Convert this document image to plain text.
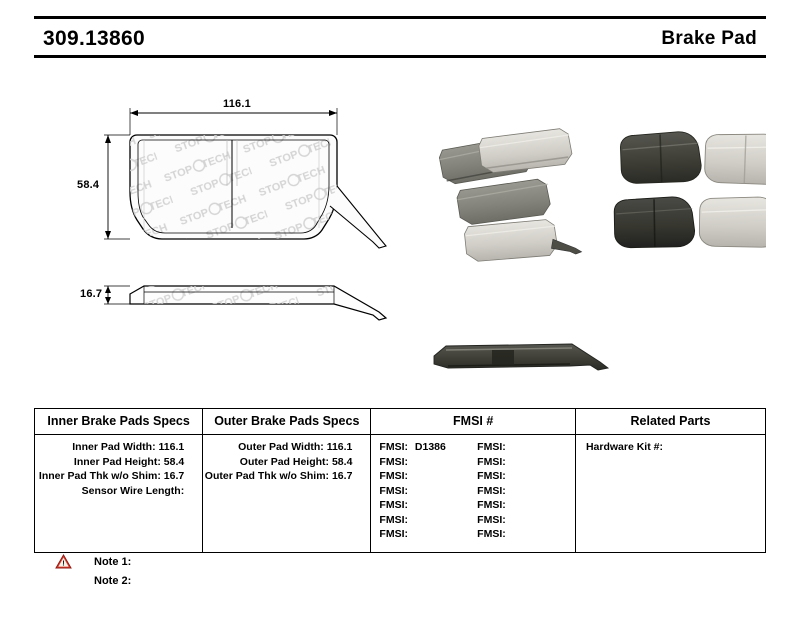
309.13860	Brake Pad
116.1
58.4
16.7
Inner Brake Pads Specs	Outer Brake Pads Specs	FMSI #	Related Parts

Inner Pad Width: 116.1
Inner Pad Height: 58.4
Inner Pad Thk w/o Shim: 16.7
Sensor Wire Length:

Outer Pad Width: 116.1
Outer Pad Height: 58.4
Outer Pad Thk w/o Shim: 16.7

FMSI: D1386
FMSI:
FMSI:
FMSI:
FMSI:
FMSI:
FMSI:
FMSI:
FMSI:
FMSI:
FMSI:
FMSI:
FMSI:
FMSI:

Hardware Kit #:
!	Note 1:
Note 2:
